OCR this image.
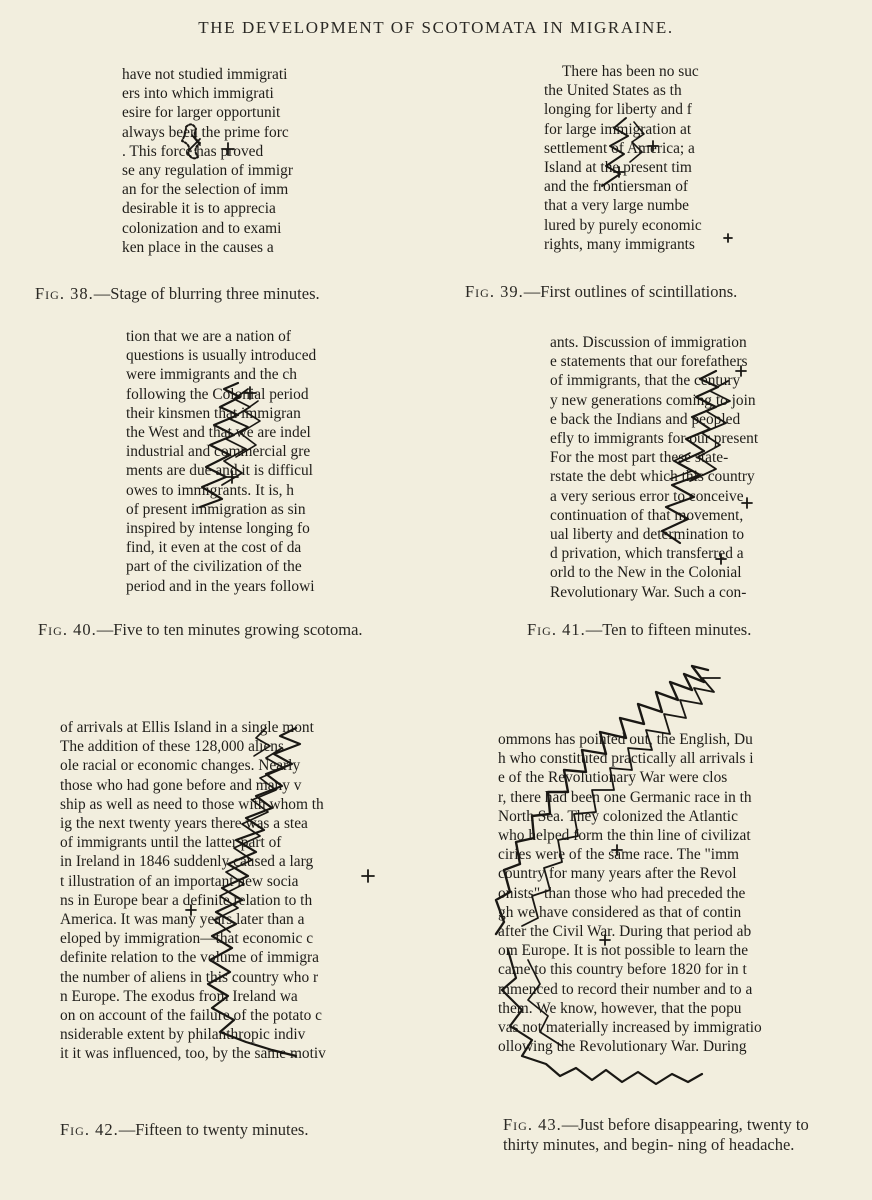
THE DEVELOPMENT OF SCOTOMATA IN MIGRAINE.
have not studied immigrati
ers into which immigrati
esire for larger opportunit
always been the prime forc
. This force has proved
se any regulation of immigr
an for the selection of imm
desirable it is to apprecia
colonization and to exami
ken place in the causes a
Fig. 38.—Stage of blurring three minutes.
There has been no suc
the United States as th
longing for liberty and f
for large immigration at
settlement of America; a
Island at the present tim
and the frontiersman of
that a very large numbe
lured by purely economic
rights, many immigrants
Fig. 39.—First outlines of scintillations.
tion that we are a nation of
questions is usually introduced
were immigrants and the ch
following the Colonial period
their kinsmen that immigran
the West and that we are indel
industrial and commercial gre
ments are due and it is difficul
owes to immigrants. It is, h
of present immigration as sin
inspired by intense longing fo
find, it even at the cost of da
part of the civilization of the
period and in the years followi
Fig. 40.—Five to ten minutes growing scotoma.
ants. Discussion of immigration
e statements that our forefathers
of immigrants, that the century
y new generations coming to join
e back the Indians and peopled
efly to immigrants for our present
For the most part these state-
rstate the debt which this country
a very serious error to conceive
continuation of that movement,
ual liberty and determination to
d privation, which transferred a
orld to the New in the Colonial
Revolutionary War. Such a con-
Fig. 41.—Ten to fifteen minutes.
of arrivals at Ellis Island in a single mont
The addition of these 128,000 aliens
ole racial or economic changes. Nearly
those who had gone before and many v
ship as well as need to those with whom th
ig the next twenty years there was a stea
of immigrants until the latter part of
in Ireland in 1846 suddenly caused a larg
t illustration of an important new socia
ns in Europe bear a definite relation to th
America. It was many years later than a
eloped by immigration—that economic c
definite relation to the volume of immigra
the number of aliens in this country who r
n Europe. The exodus from Ireland wa
on on account of the failure of the potato c
nsiderable extent by philanthropic indiv
it it was influenced, too, by the same motiv
Fig. 42.—Fifteen to twenty minutes.
ommons has pointed out, the English, Du
h who constituted practically all arrivals i
e of the Revolutionary War were clos
r, there had been one Germanic race in th
North Sea. They colonized the Atlantic
who helped form the thin line of civilizat
ciries were of the same race. The "imm
country for many years after the Revol
onists" than those who had preceded the
gh we have considered as that of contin
after the Civil War. During that period ab
om Europe. It is not possible to learn the
came to this country before 1820 for in t
mmenced to record their number and to a
them. We know, however, that the popu
vas not materially increased by immigratio
ollowing the Revolutionary War. During
Fig. 43.—Just before disappearing, twenty to thirty minutes, and begin- ning of headache.
